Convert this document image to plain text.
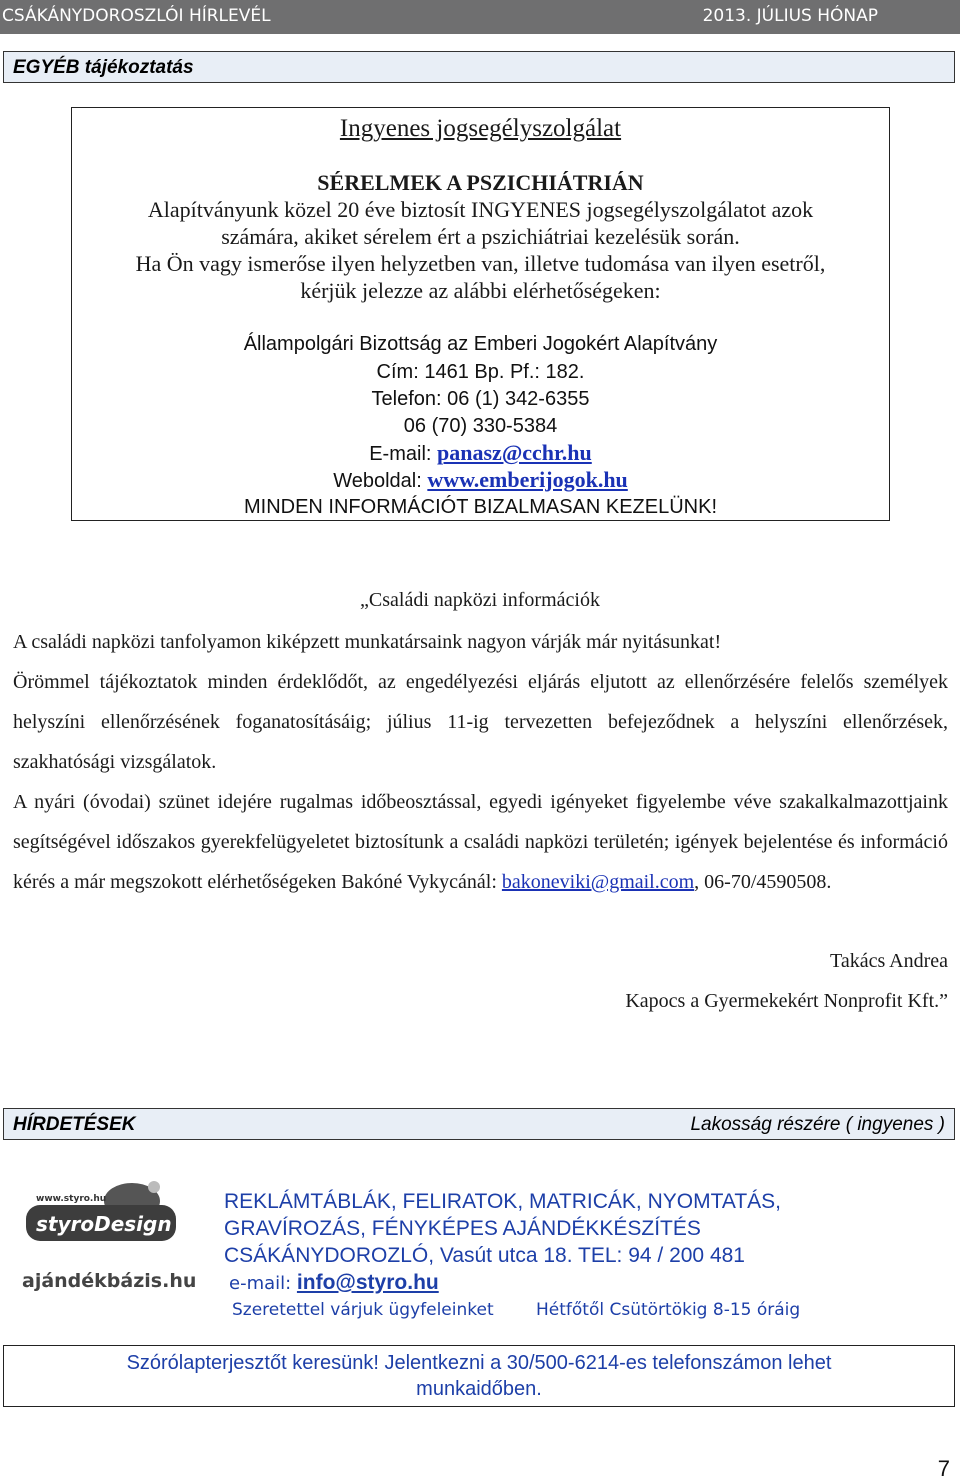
CSÁKÁNYDOROSZLÓI HÍRLEVÉL	2013. JÚLIUS HÓNAP
EGYÉB tájékoztatás
Ingyenes jogsegélyszolgálat
SÉRELMEK A PSZICHIÁTRIÁN
Alapítványunk közel 20 éve biztosít INGYENES jogsegélyszolgálatot azok
számára, akiket sérelem ért a pszichiátriai kezelésük során.
Ha Ön vagy ismerőse ilyen helyzetben van, illetve tudomása van ilyen esetről,
kérjük jelezze az alábbi elérhetőségeken:
Állampolgári Bizottság az Emberi Jogokért Alapítvány
Cím: 1461 Bp. Pf.: 182.
Telefon: 06 (1) 342-6355
06 (70) 330-5384
E-mail: panasz@cchr.hu
Weboldal: www.emberijogok.hu
MINDEN INFORMÁCIÓT BIZALMASAN KEZELÜNK!
„Családi napközi információk

A családi napközi tanfolyamon kiképzett munkatársaink nagyon várják már nyitásunkat!

Örömmel tájékoztatok minden érdeklődőt, az engedélyezési eljárás eljutott az ellenőrzésére felelős személyek helyszíni ellenőrzésének foganatosításáig; július 11-ig tervezetten befejeződnek a helyszíni ellenőrzések, szakhatósági vizsgálatok.

A nyári (óvodai) szünet idejére rugalmas időbeosztással, egyedi igényeket figyelembe véve szakalkalmazottjaink segítségével időszakos gyerekfelügyeletet biztosítunk a családi napközi területén; igények bejelentése és információ kérés a már megszokott elérhetőségeken Bakóné Vykycánál: bakoneviki@gmail.com, 06-70/4590508.

Takács Andrea
Kapocs a Gyermekekért Nonprofit Kft.”
HÍRDETÉSEK	Lakosság részére ( ingyenes )
www.styro.hu
styroDesign
ajándékbázis.hu
REKLÁMTÁBLÁK, FELIRATOK, MATRICÁK, NYOMTATÁS,
GRAVÍROZÁS, FÉNYKÉPES AJÁNDÉKKÉSZÍTÉS
CSÁKÁNYDOROZLÓ, Vasút utca 18. TEL: 94 / 200 481
e-mail: info@styro.hu
Szeretettel várjuk ügyfeleinket Hétfőtől Csütörtökig 8-15 óráig
Szórólapterjesztőt keresünk! Jelentkezni a 30/500-6214-es telefonszámon lehet
munkaidőben.
7
